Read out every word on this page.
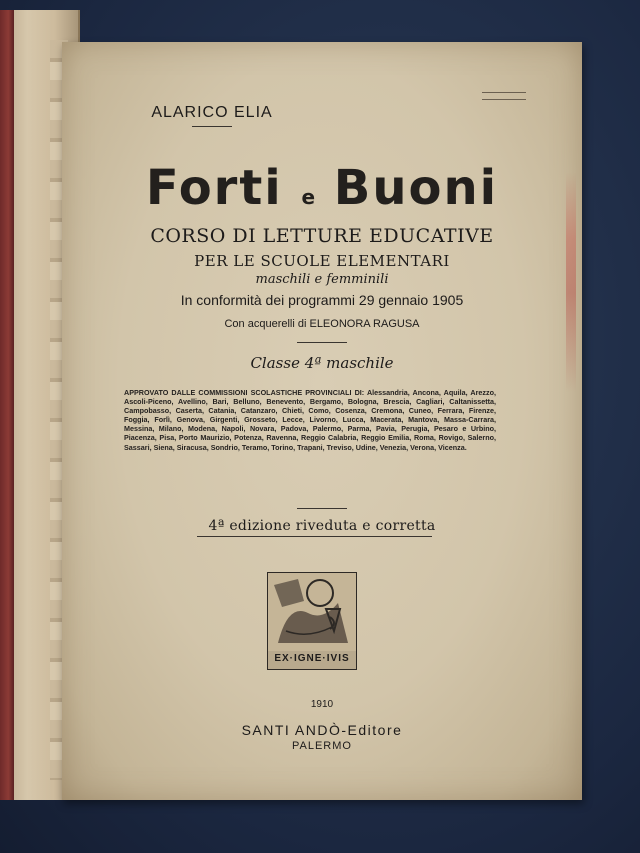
ALARICO ELIA
Forti e Buoni
CORSO DI LETTURE EDUCATIVE
PER LE SCUOLE ELEMENTARI
maschili e femminili
In conformità dei programmi 29 gennaio 1905
Con acquerelli di ELEONORA RAGUSA
Classe 4ª maschile
APPROVATO DALLE COMMISSIONI SCOLASTICHE PROVINCIALI DI: Alessandria, Ancona, Aquila, Arezzo, Ascoli-Piceno, Avellino, Bari, Belluno, Benevento, Bergamo, Bologna, Brescia, Cagliari, Caltanissetta, Campobasso, Caserta, Catania, Catanzaro, Chieti, Como, Cosenza, Cremona, Cuneo, Ferrara, Firenze, Foggia, Forlì, Genova, Girgenti, Grosseto, Lecce, Livorno, Lucca, Macerata, Mantova, Massa-Carrara, Messina, Milano, Modena, Napoli, Novara, Padova, Palermo, Parma, Pavia, Perugia, Pesaro e Urbino, Piacenza, Pisa, Porto Maurizio, Potenza, Ravenna, Reggio Calabria, Reggio Emilia, Roma, Rovigo, Salerno, Sassari, Siena, Siracusa, Sondrio, Teramo, Torino, Trapani, Treviso, Udine, Venezia, Verona, Vicenza.
4ª edizione riveduta e corretta
EX·IGNE·IVIS
1910
SANTI ANDÒ-Editore
PALERMO
